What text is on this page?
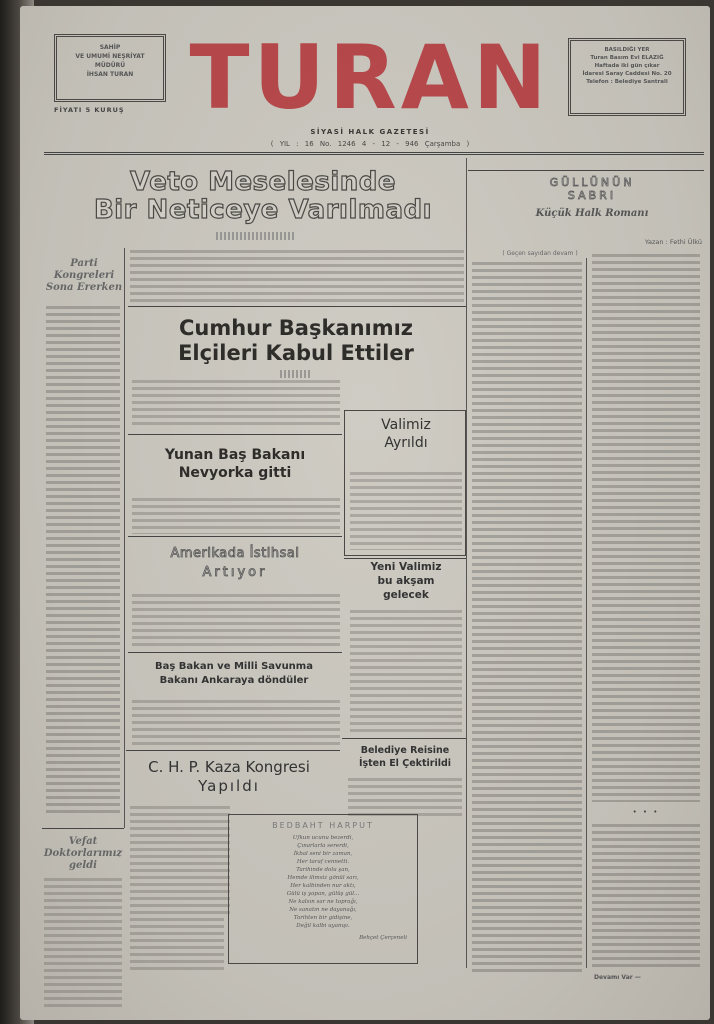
SAHİP
VE UMUMİ NEŞRİYAT
MÜDÜRÜ
İHSAN TURAN
FİYATI 5 KURUŞ TURAN	BASILDIĞI YER
Turan Basım Evi ELAZIĞ
Haftada iki gün çıkar
İdaresi Saray Caddesi No. 20
Telefon : Belediye Santrali
SİYASİ HALK GAZETESİ
( YIL : 16 No. 1246 4 - 12 - 946 Çarşamba )
Veto Meselesinde
Bir Neticeye Varılmadı
Parti
Kongreleri
Sona Ererken
Cumhur Başkanımız
Elçileri Kabul Ettiler
Yunan Baş Bakanı
Nevyorka gitti
Valimiz
Ayrıldı
Amerikada İstihsal
Artıyor	Yeni Valimiz
bu akşam
gelecek
Baş Bakan ve Milli Savunma
Bakanı Ankaraya döndüler
Belediye Reisine
İşten El Çektirildi
C. H. P. Kaza Kongresi
Yapıldı
Vefat
Doktorlarımız
geldi
BEDBAHT HARPUT
Ufkun ucunu bezerdi,
Çınarlarla sererdi,
İkbal seni bir zaman,
Her taraf cennetti.
Tarihinde dolu şan,
Hemde ilimsiz gönül sarı,
Her kalbinden nur aktı,
Gülü iş yapan, gülüş gül...
Ne kalsın sar ne toprağı,
Ne sanatın ne dayanağı,
Tarihten bir gidişine,
Değil kalbi uyanışı.
Behçet Çerçeneli
( Geçen sayıdan devam )
GÜLLÜNÜN
SABRI
Küçük Halk Romanı
Yazan : Fethi Ülkü
• • •
Devamı Var —
